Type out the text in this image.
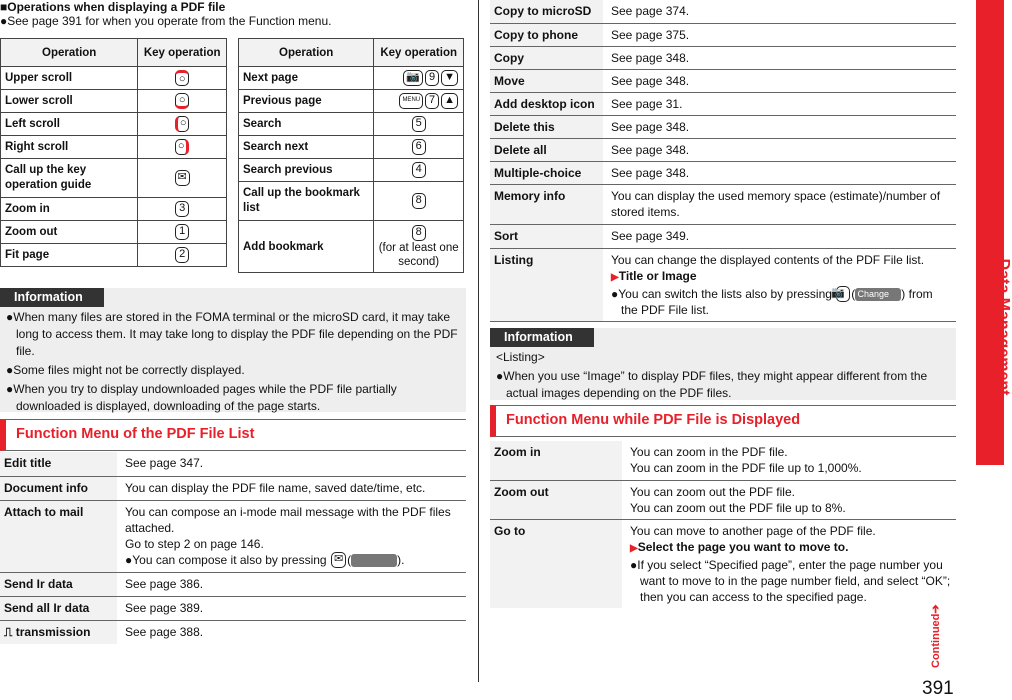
■Operations when displaying a PDF file
●See page 391 for when you operate from the Function menu.
Operation	Key operation
Upper scroll	○
Lower scroll	○
Left scroll	○
Right scroll	○
Call up the key operation guide	✉
Zoom in	3
Zoom out	1
Fit page	2
Operation	Key operation
Next page	📷 9 ▼
Previous page	MENU 7 ▲
Search	5
Search next	6
Search previous	4
Call up the bookmark list	8
Add bookmark	8
(for at least one second)
Information

●When many files are stored in the FOMA terminal or the microSD card, it may take long to access them. It may take long to display the PDF file depending on the PDF file.

●Some files might not be correctly displayed.

●When you try to display undownloaded pages while the PDF file partially downloaded is displayed, downloading of the page starts.

Function Menu of the PDF File List
Edit title	See page 347.
Document info	You can display the PDF file name, saved date/time, etc.
Attach to mail	You can compose an i-mode mail message with the PDF files attached.
Go to step 2 on page 146.
●You can compose it also by pressing ✉ ( ).

Send Ir data	See page 386.
Send all Ir data	See page 389.
⎍ transmission	See page 388.
Copy to microSD	See page 374.
Copy to phone	See page 375.
Copy	See page 348.
Move	See page 348.
Add desktop icon	See page 31.
Delete this	See page 348.
Delete all	See page 348.
Multiple-choice	See page 348.
Memory info	You can display the used memory space (estimate)/number of stored items.
Sort	See page 349.
Listing	You can change the displayed contents of the PDF File list.
▶Title or Image
●You can switch the lists also by pressing 📷 ( Change ) from the PDF File list.
Information

<Listing>

●When you use “Image” to display PDF files, they might appear different from the actual images depending on the PDF files.

Function Menu while PDF File is Displayed
Zoom in	You can zoom in the PDF file.
You can zoom in the PDF file up to 1,000%.

Zoom out	You can zoom out the PDF file.
You can zoom out the PDF file up to 8%.

Go to	You can move to another page of the PDF file.
▶Select the page you want to move to.
●If you select “Specified page”, enter the page number you want to move to in the page number field, and select “OK”; then you can access to the specified page.
Data Management
Continued➔
391
